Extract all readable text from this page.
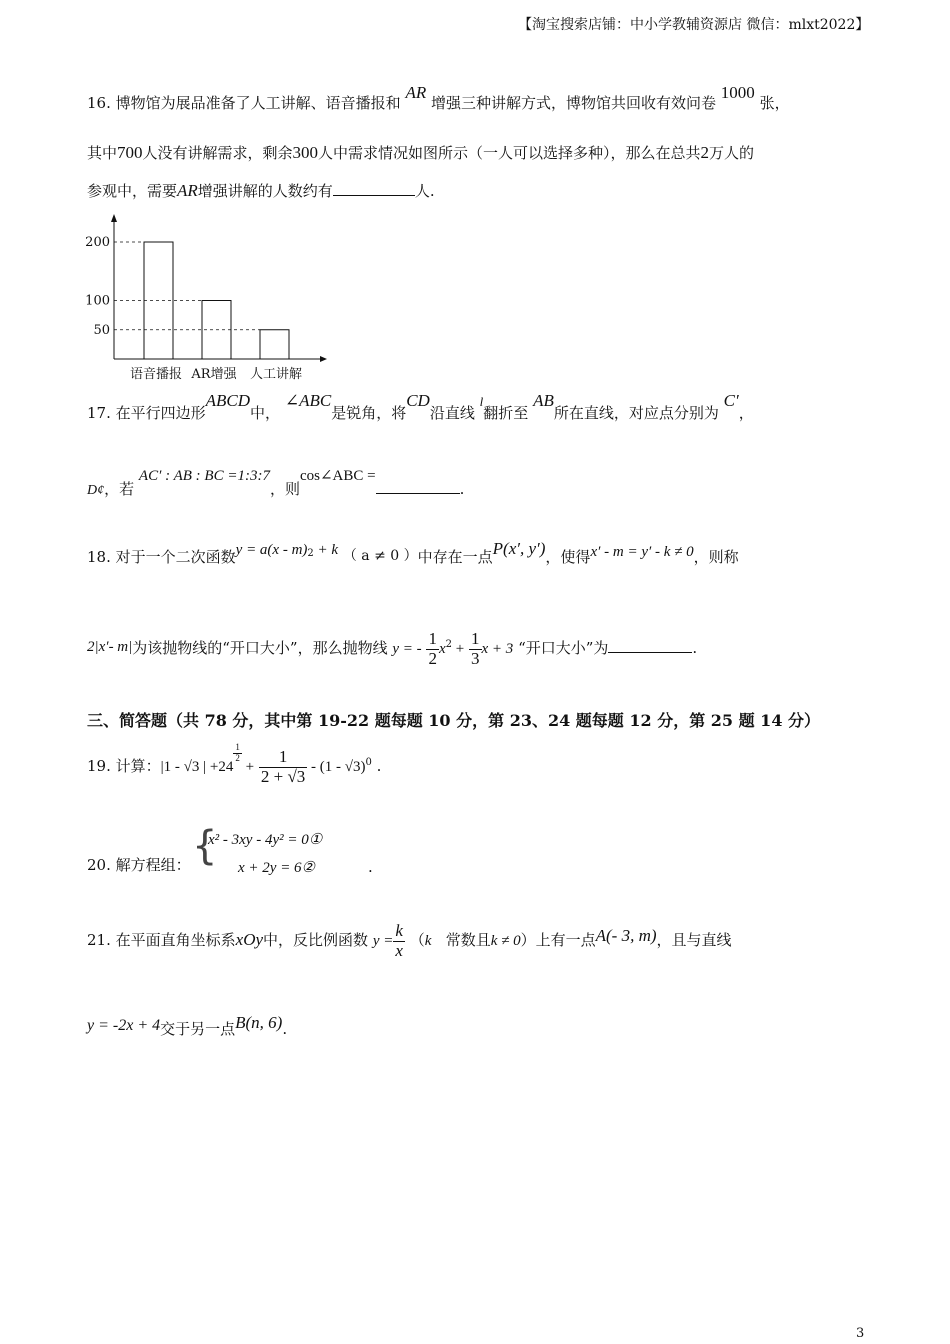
【淘宝搜索店铺：中小学教辅资源店 微信：mlxt2022】
16. 博物馆为展品准备了人工讲解、语音播报和 AR 增强三种讲解方式，博物馆共回收有效问卷 1000 张，
其中700人没有讲解需求，剩余300人中需求情况如图所示（一人可以选择多种），那么在总共2万人的
参观中，需要AR增强讲解的人数约有	人.
200
100
50
语音播报 AR增强 人工讲解
17. 在平行四边形ABCD中， ∠ABC是锐角，将CD沿直线 l翻折至 AB所在直线，对应点分别为 C′，
D¢，若 AC′ : AB : BC =1:3:7，则cos∠ABC =.
18. 对于一个二次函数y = a(x - m)$^2$ + k （ a ≠ 0 ）中存在一点P(x′, y′)，使得x′ - m = y′ - k ≠ 0，则称
2|x′- m|为该抛物线的“开口大小”，那么抛物线 y = - $\frac{1}{2} x^2 + \frac{1}{3}$ x + 3 “开口大小”为	.
三、简答题（共 78 分，其中第 19-22 题每题 10 分，第 23、24 题每题 12 分，第 25 题 14 分）
19. 计算：|1 - √3 | +24
$\frac{1}{2}$
+ $\frac{1}{2 + √3} - (1 - √3)^0$ .
20. 解方程组： {
x² - 3xy - 4y² = 0①
x + 2y = 6②	.
21. 在平面直角坐标系xOy中，反比例函数 $y = \frac{k}{x} (k$ 常数且k ≠ 0）上有一点A(- 3, m)，且与直线
y = -2x + 4交于另一点B(n, 6).
3
